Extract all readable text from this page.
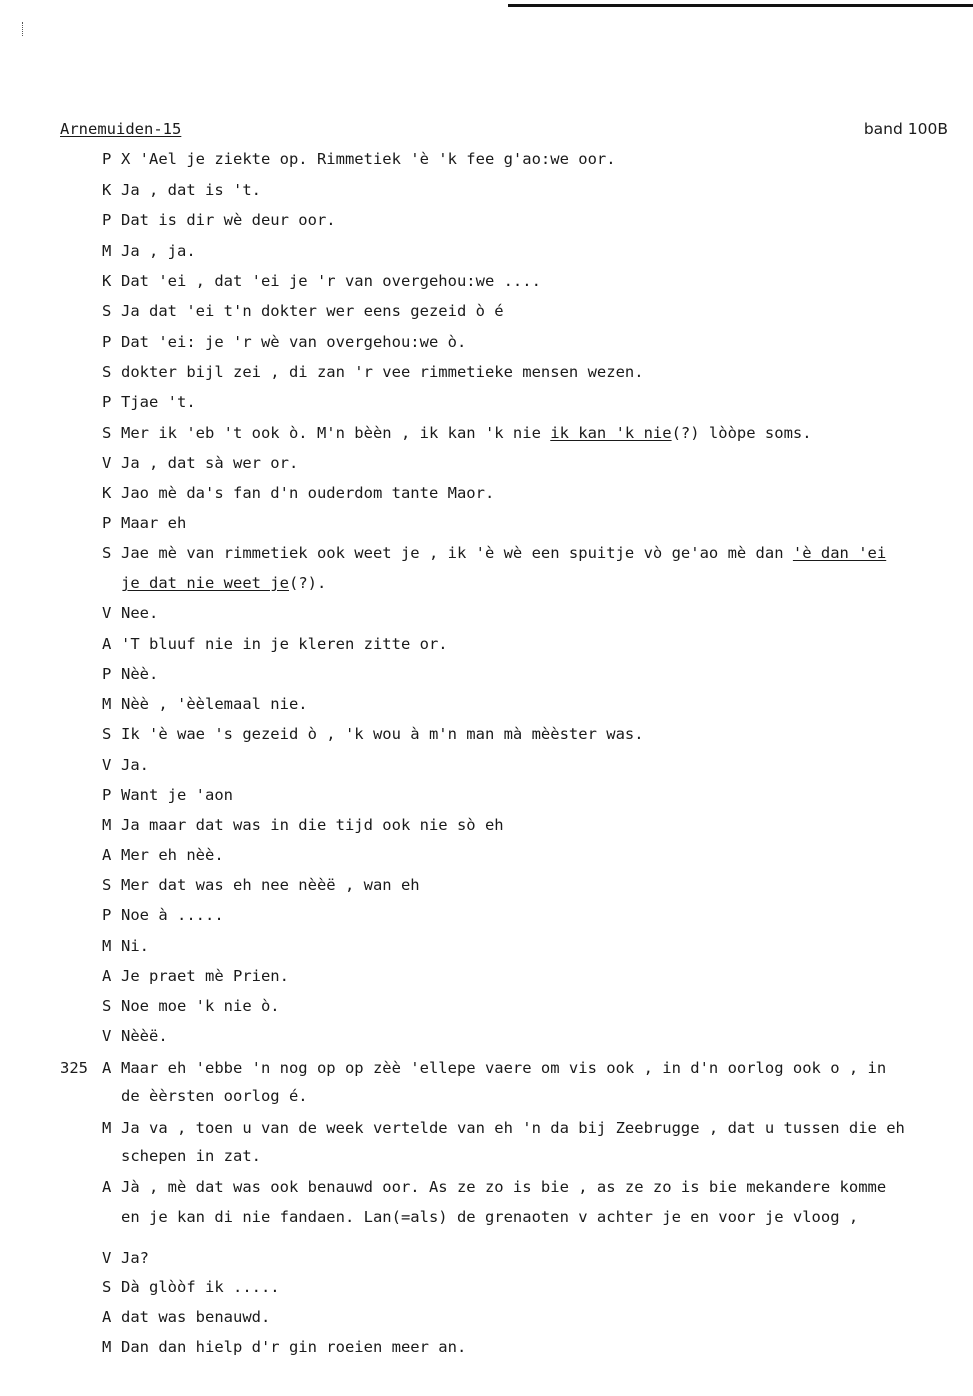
Arnemuiden-15	band 100B
P X 'Ael je ziekte op. Rimmetiek 'è 'k fee g'ao:we oor.
K Ja , dat is 't.
P Dat is dir wè deur oor.
M Ja , ja.
K Dat 'ei , dat 'ei je 'r van overgehou:we ....
S Ja dat 'ei t'n dokter wer eens gezeid ò é
P Dat 'ei: je 'r wè van overgehou:we ò.
S dokter bijl zei , di zan 'r vee rimmetieke mensen wezen.
P Tjae 't.
S Mer ik 'eb 't ook ò. M'n bèèn , ik kan 'k nie ik kan 'k nie(?) lòòpe soms.
V Ja , dat sà wer or.
K Jao mè da's fan d'n ouderdom tante Maor.
P Maar eh
S Jae mè van rimmetiek ook weet je , ik 'è wè een spuitje vò ge'ao mè dan 'è dan 'ei
je dat nie weet je(?).
V Nee.
A 'T bluuf nie in je kleren zitte or.
P Nèè.
M Nèè , 'èèlemaal nie.
S Ik 'è wae 's gezeid ò , 'k wou à m'n man mà mèèster was.
V Ja.
P Want je 'aon
M Ja maar dat was in die tijd ook nie sò eh
A Mer eh nèè.
S Mer dat was eh nee nèèë , wan eh
P Noe à .....
M Ni.
A Je praet mè Prien.
S Noe moe 'k nie ò.
V Nèèë.
325 A Maar eh 'ebbe 'n nog op op zèè 'ellepe vaere om vis ook , in d'n oorlog ook o , in
de èèrsten oorlog é.
M Ja va , toen u van de week vertelde van eh 'n da bij Zeebrugge , dat u tussen die eh
schepen in zat.
A Jà , mè dat was ook benauwd oor. As ze zo is bie , as ze zo is bie mekandere komme
en je kan di nie fandaen. Lan(=als) de grenaoten v achter je en voor je vloog ,
V Ja?
S Dà glòòf ik .....
A dat was benauwd.
M Dan dan hielp d'r gin roeien meer an.
